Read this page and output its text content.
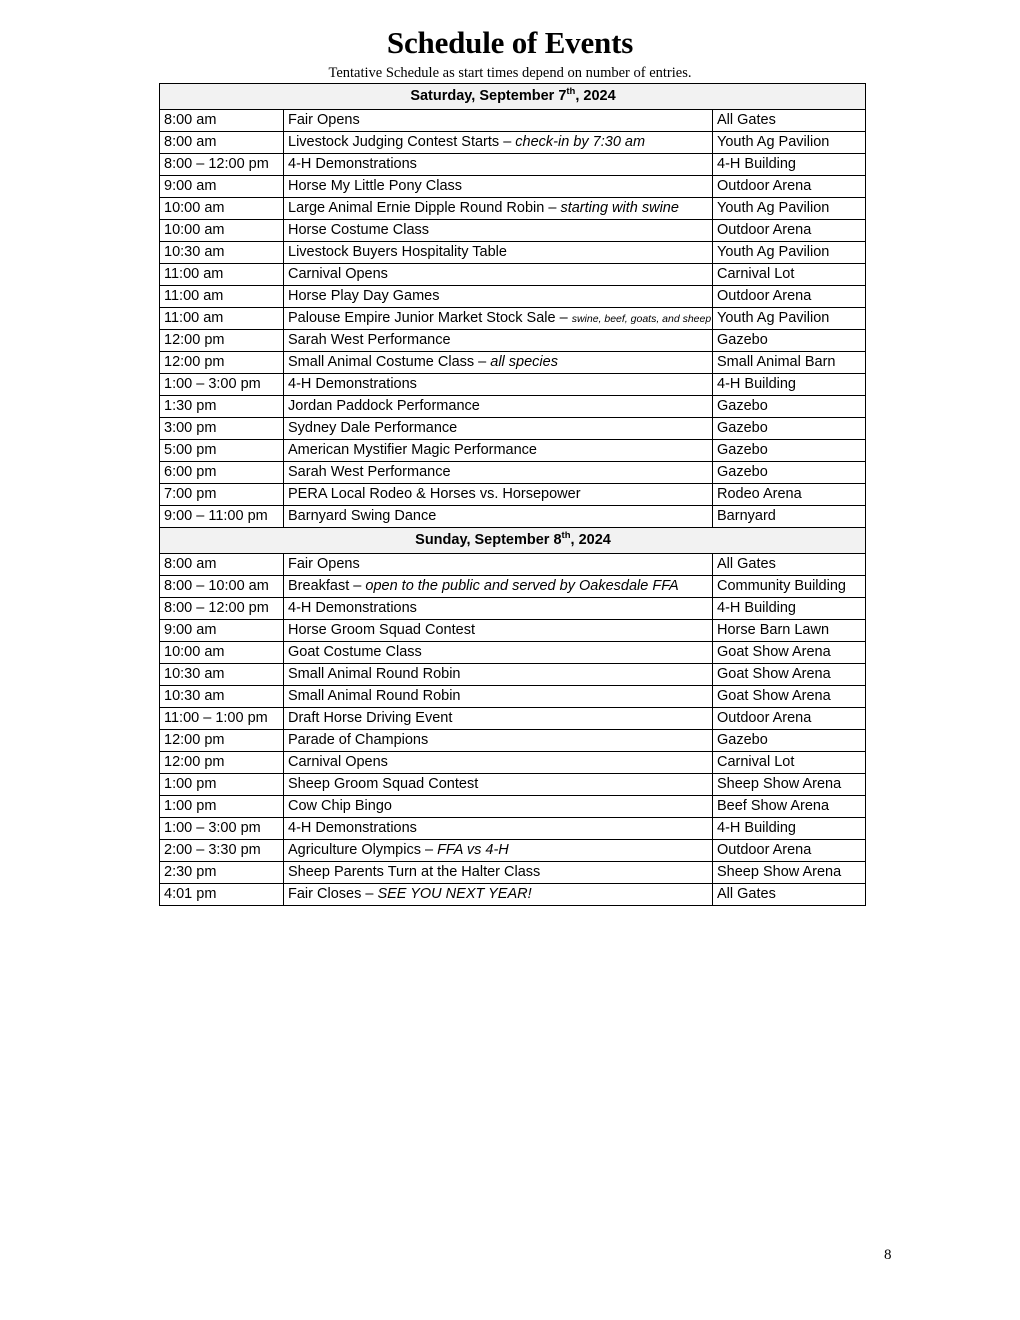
Schedule of Events

Tentative Schedule as start times depend on number of entries.

Saturday, September 7th, 2024		
8:00 am	Fair Opens	All Gates
8:00 am	Livestock Judging Contest Starts – check-in by 7:30 am	Youth Ag Pavilion
8:00 – 12:00 pm	4-H Demonstrations	4-H Building
9:00 am	Horse My Little Pony Class	Outdoor Arena
10:00 am	Large Animal Ernie Dipple Round Robin – starting with swine	Youth Ag Pavilion
10:00 am	Horse Costume Class	Outdoor Arena
10:30 am	Livestock Buyers Hospitality Table	Youth Ag Pavilion
11:00 am	Carnival Opens	Carnival Lot
11:00 am	Horse Play Day Games	Outdoor Arena
11:00 am	Palouse Empire Junior Market Stock Sale – swine, beef, goats, and sheep	Youth Ag Pavilion
12:00 pm	Sarah West Performance	Gazebo
12:00 pm	Small Animal Costume Class – all species	Small Animal Barn
1:00 – 3:00 pm	4-H Demonstrations	4-H Building
1:30 pm	Jordan Paddock Performance	Gazebo
3:00 pm	Sydney Dale Performance	Gazebo
5:00 pm	American Mystifier Magic Performance	Gazebo
6:00 pm	Sarah West Performance	Gazebo
7:00 pm	PERA Local Rodeo & Horses vs. Horsepower	Rodeo Arena
9:00 – 11:00 pm	Barnyard Swing Dance	Barnyard
Sunday, September 8th, 2024		
8:00 am	Fair Opens	All Gates
8:00 – 10:00 am	Breakfast – open to the public and served by Oakesdale FFA	Community Building
8:00 – 12:00 pm	4-H Demonstrations	4-H Building
9:00 am	Horse Groom Squad Contest	Horse Barn Lawn
10:00 am	Goat Costume Class	Goat Show Arena
10:30 am	Small Animal Round Robin	Goat Show Arena
10:30 am	Small Animal Round Robin	Goat Show Arena
11:00 – 1:00 pm	Draft Horse Driving Event	Outdoor Arena
12:00 pm	Parade of Champions	Gazebo
12:00 pm	Carnival Opens	Carnival Lot
1:00 pm	Sheep Groom Squad Contest	Sheep Show Arena
1:00 pm	Cow Chip Bingo	Beef Show Arena
1:00 – 3:00 pm	4-H Demonstrations	4-H Building
2:00 – 3:30 pm	Agriculture Olympics – FFA vs 4-H	Outdoor Arena
2:30 pm	Sheep Parents Turn at the Halter Class	Sheep Show Arena
4:01 pm	Fair Closes – SEE YOU NEXT YEAR!	All Gates
8
